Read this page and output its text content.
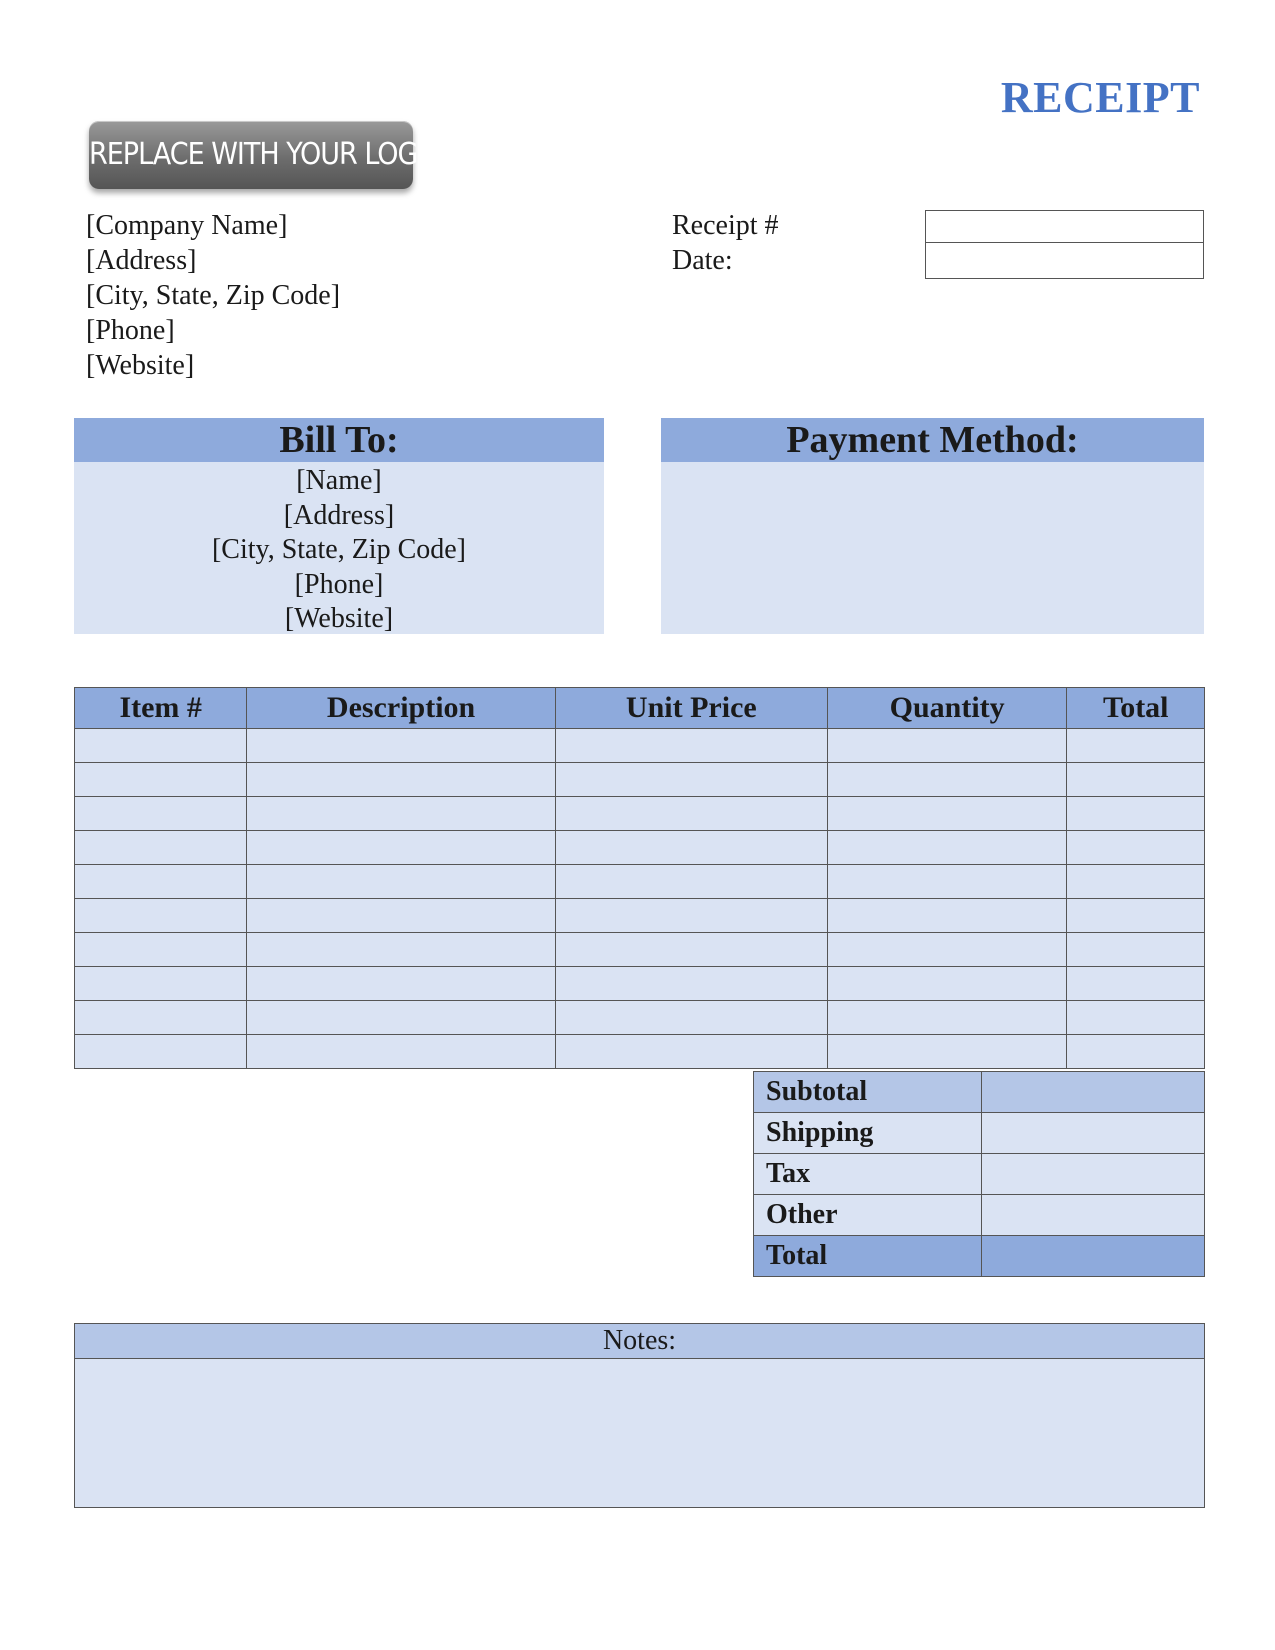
RECEIPT
REPLACE WITH YOUR LOGO
[Company Name]
[Address]
[City, State, Zip Code]
[Phone]
[Website]
Receipt #
Date:
Bill To:
[Name]
[Address]
[City, State, Zip Code]
[Phone]
[Website]
Payment Method:
Item #	Description	Unit Price	Quantity	Total

Subtotal	
Shipping	
Tax	
Other	
Total	
Notes:
